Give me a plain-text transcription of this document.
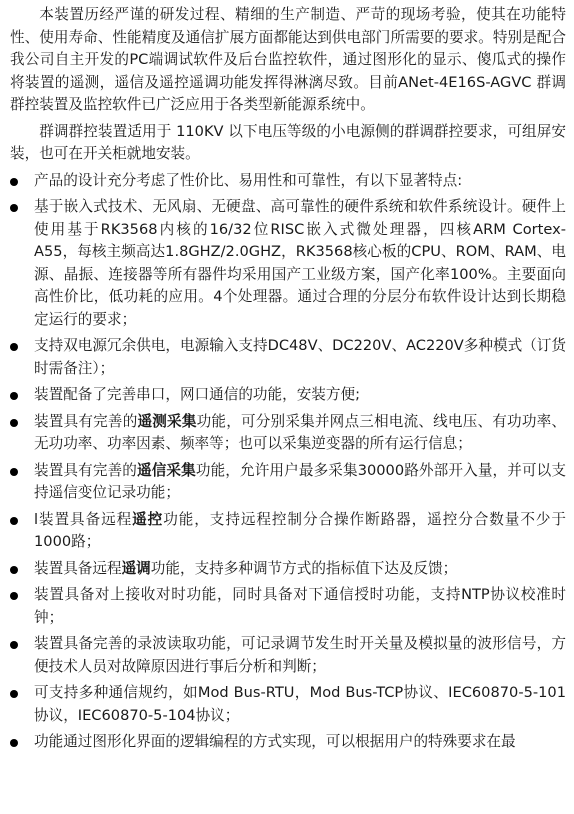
本装置历经严谨的研发过程、精细的生产制造、严苛的现场考验，使其在功能特性、使用寿命、性能精度及通信扩展方面都能达到供电部门所需要的要求。特别是配合我公司自主开发的PC端调试软件及后台监控软件，通过图形化的显示、傻瓜式的操作将装置的遥测，遥信及遥控遥调功能发挥得淋漓尽致。目前ANet-4E16S-AGVC 群调群控装置及监控软件已广泛应用于各类型新能源系统中。

群调群控装置适用于 110KV 以下电压等级的小电源侧的群调群控要求，可组屏安装，也可在开关柜就地安装。

产品的设计充分考虑了性价比、易用性和可靠性，有以下显著特点:
基于嵌入式技术、无风扇、无硬盘、高可靠性的硬件系统和软件系统设计。硬件上使用基于RK3568内核的16/32位RISC嵌入式微处理器，四核ARM Cortex- A55，每核主频高达1.8GHZ/2.0GHZ，RK3568核心板的CPU、ROM、RAM、电源、晶振、连接器等所有器件均采用国产工业级方案，国产化率100%。主要面向高性价比，低功耗的应用。4个处理器。通过合理的分层分布软件设计达到长期稳定运行的要求；
支持双电源冗余供电，电源输入支持DC48V、DC220V、AC220V多种模式（订货时需备注）；
装置配备了完善串口，网口通信的功能，安装方便;
装置具有完善的遥测采集功能，可分别采集并网点三相电流、线电压、有功功率、无功功率、功率因素、频率等；也可以采集逆变器的所有运行信息；
装置具有完善的遥信采集功能，允许用户最多采集30000路外部开入量，并可以支持遥信变位记录功能；
l装置具备远程遥控功能，支持远程控制分合操作断路器，遥控分合数量不少于1000路；
装置具备远程遥调功能，支持多种调节方式的指标值下达及反馈；
装置具备对上接收对时功能，同时具备对下通信授时功能，支持NTP协议校准时钟；
装置具备完善的录波读取功能，可记录调节发生时开关量及模拟量的波形信号，方便技术人员对故障原因进行事后分析和判断；
可支持多种通信规约，如Mod Bus-RTU，Mod Bus-TCP协议、IEC60870-5-101协议，IEC60870-5-104协议；
功能通过图形化界面的逻辑编程的方式实现，可以根据用户的特殊要求在最
